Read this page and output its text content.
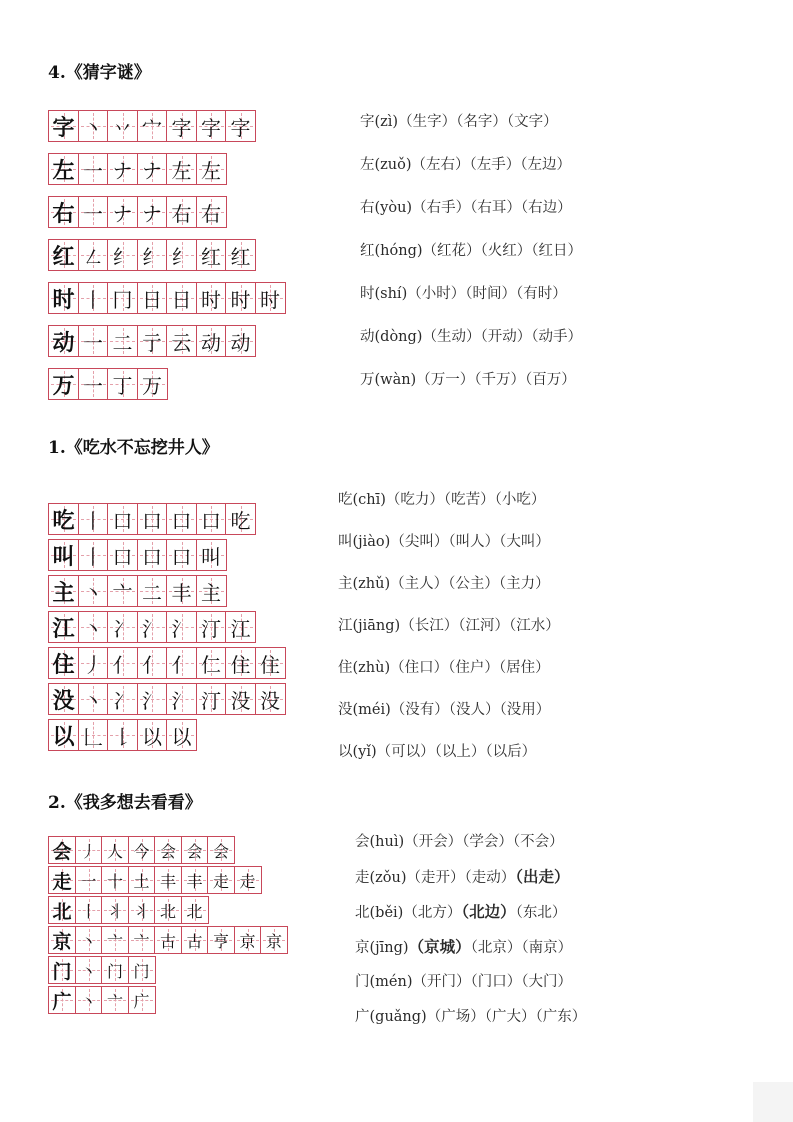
4.《猜字谜》
字 丶 丷 宀 字 字 字
左 一 ナ ナ 左 左
右 一 ナ ナ 右 右
红 ㇜ 纟 纟 纟 红 红
时 丨 冂 日 日 时 时 时
动 一 二 亍 云 动 动
万 一 丁 万
字(zì)（生字）（名字）（文字）
左(zuǒ)（左右）（左手）（左边）
右(yòu)（右手）（右耳）（右边）
红(hóng)（红花）（火红）（红日）
时(shí)（小时）（时间）（有时）
动(dòng)（生动）（开动）（动手）
万(wàn)（万一）（千万）（百万）
1.《吃水不忘挖井人》
吃 丨 口 口 口 口 吃
叫 丨 口 口 口 叫
主 丶 亠 二 丰 主
江 丶 冫 氵 氵 汀 江
住 丿 亻 亻 亻 仁 住 住
没 丶 冫 氵 氵 汀 没 没
以 𠃊 𠄌 以 以
吃(chī)（吃力）（吃苦）（小吃）
叫(jiào)（尖叫）（叫人）（大叫）
主(zhǔ)（主人）（公主）（主力）
江(jiāng)（长江）（江河）（江水）
住(zhù)（住口）（住户）（居住）
没(méi)（没有）（没人）（没用）
以(yǐ)（可以）（以上）（以后）
2.《我多想去看看》
会 丿 人 今 会 会 会
走 一 十 土 丰 丰 走 走
北 丨 丬 丬 北 北
京 丶 亠 亠 古 古 亨 京 京
门 丶 门 门
广 丶 亠 广
会(huì)（开会）（学会）（不会）
走(zǒu)（走开）（走动）（出走）
北(běi)（北方）（北边）（东北）
京(jīng)（京城）（北京）（南京）
门(mén)（开门）（门口）（大门）
广(guǎng)（广场）（广大）（广东）
